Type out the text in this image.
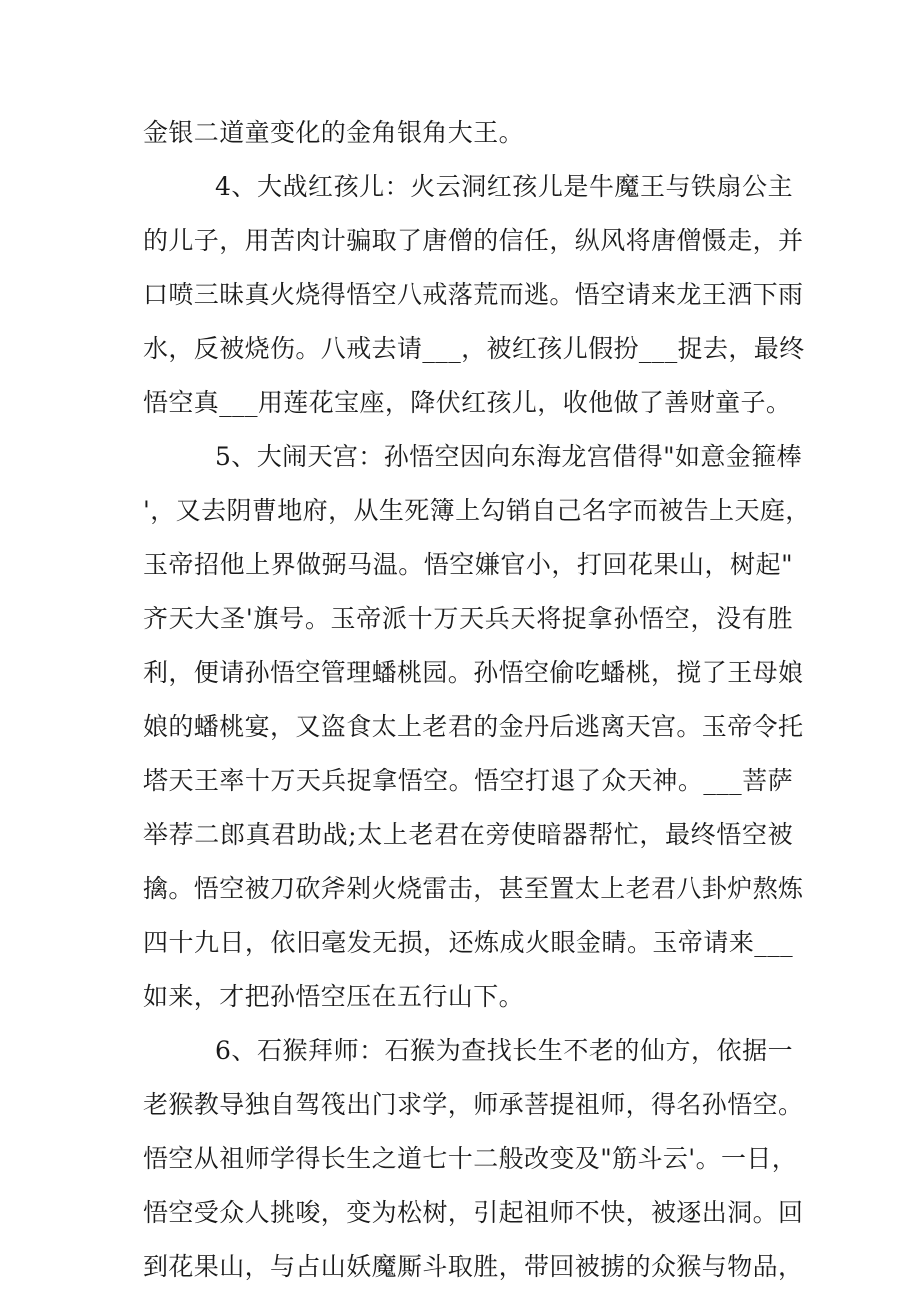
金银二道童变化的金角银角大王。
4、大战红孩儿：火云洞红孩儿是牛魔王与铁扇公主
的儿子，用苦肉计骗取了唐僧的信任，纵风将唐僧慑走，并
口喷三昧真火烧得悟空八戒落荒而逃。悟空请来龙王洒下雨
水，反被烧伤。八戒去请___，被红孩儿假扮___捉去，最终
悟空真___用莲花宝座，降伏红孩儿，收他做了善财童子。
5、大闹天宫：孙悟空因向东海龙宫借得"如意金箍棒
'，又去阴曹地府，从生死簿上勾销自己名字而被告上天庭，
玉帝招他上界做弼马温。悟空嫌官小，打回花果山，树起"
齐天大圣'旗号。玉帝派十万天兵天将捉拿孙悟空，没有胜
利，便请孙悟空管理蟠桃园。孙悟空偷吃蟠桃，搅了王母娘
娘的蟠桃宴，又盗食太上老君的金丹后逃离天宫。玉帝令托
塔天王率十万天兵捉拿悟空。悟空打退了众天神。___菩萨
举荐二郎真君助战;太上老君在旁使暗器帮忙，最终悟空被
擒。悟空被刀砍斧剁火烧雷击，甚至置太上老君八卦炉熬炼
四十九日，依旧毫发无损，还炼成火眼金睛。玉帝请来___
如来，才把孙悟空压在五行山下。
6、石猴拜师：石猴为查找长生不老的仙方，依据一
老猴教导独自驾筏出门求学，师承菩提祖师，得名孙悟空。
悟空从祖师学得长生之道七十二般改变及"筋斗云'。一日，
悟空受众人挑唆，变为松树，引起祖师不快，被逐出洞。回
到花果山，与占山妖魔厮斗取胜，带回被掳的众猴与物品，
